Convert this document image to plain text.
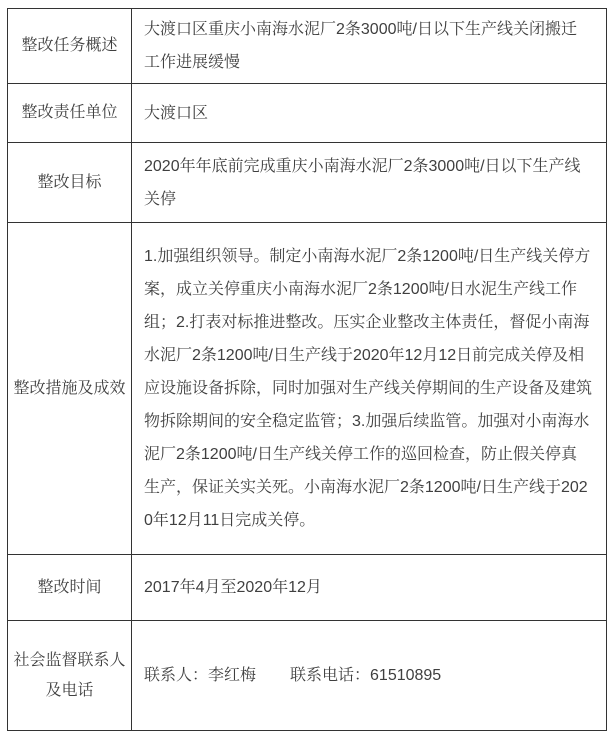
整改任务概述	大渡口区重庆小南海水泥厂2条3000吨/日以下生产线关闭搬迁工作进展缓慢
整改责任单位	大渡口区
整改目标	2020年年底前完成重庆小南海水泥厂2条3000吨/日以下生产线关停
整改措施及成效	1.加强组织领导。制定小南海水泥厂2条1200吨/日生产线关停方案，成立关停重庆小南海水泥厂2条1200吨/日水泥生产线工作组；2.打表对标推进整改。压实企业整改主体责任，督促小南海水泥厂2条1200吨/日生产线于2020年12月12日前完成关停及相应设施设备拆除，同时加强对生产线关停期间的生产设备及建筑物拆除期间的安全稳定监管；3.加强后续监管。加强对小南海水泥厂2条1200吨/日生产线关停工作的巡回检查，防止假关停真生产，保证关实关死。小南海水泥厂2条1200吨/日生产线于2020年12月11日完成关停。
整改时间	2017年4月至2020年12月
社会监督联系人及电话	联系人：李红梅 联系电话：61510895
